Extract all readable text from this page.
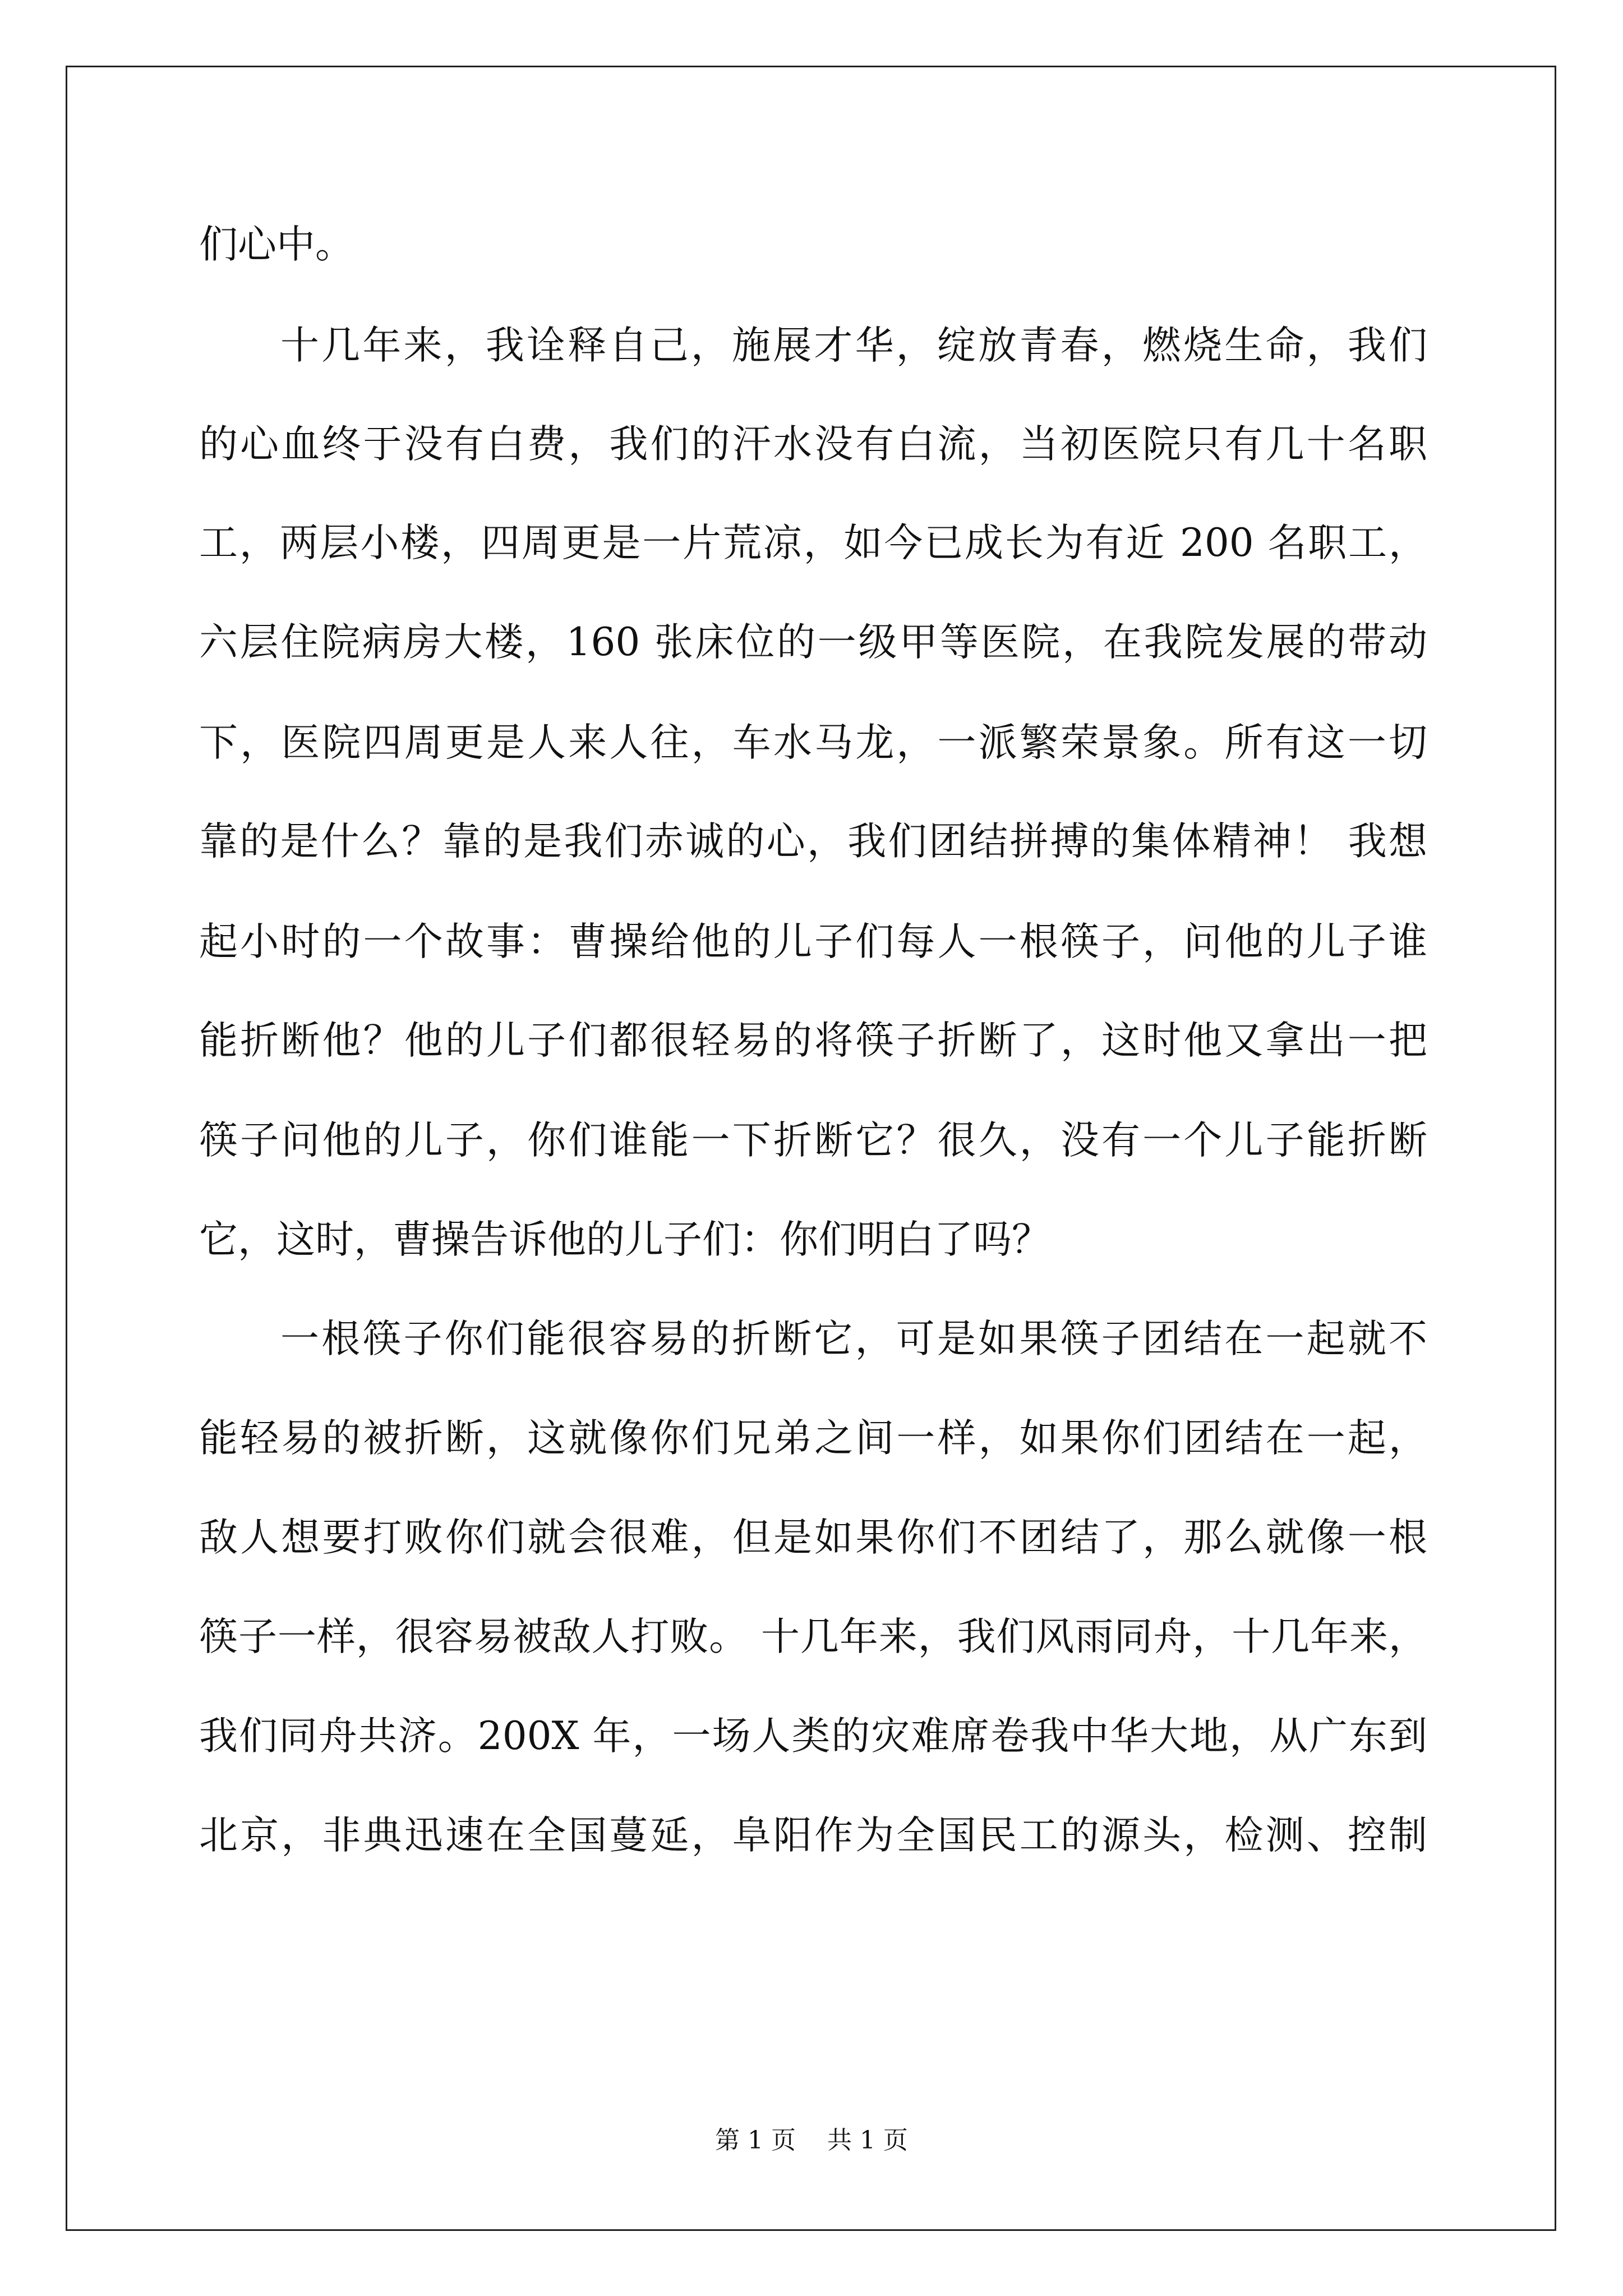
们心中。

十几年来，我诠释自己，施展才华，绽放青春，燃烧生命，我们

的心血终于没有白费，我们的汗水没有白流，当初医院只有几十名职

工，两层小楼，四周更是一片荒凉，如今已成长为有近 200 名职工，

六层住院病房大楼，160 张床位的一级甲等医院，在我院发展的带动

下，医院四周更是人来人往，车水马龙，一派繁荣景象。所有这一切

靠的是什么？靠的是我们赤诚的心，我们团结拼搏的集体精神！ 我想

起小时的一个故事：曹操给他的儿子们每人一根筷子，问他的儿子谁

能折断他？他的儿子们都很轻易的将筷子折断了，这时他又拿出一把

筷子问他的儿子，你们谁能一下折断它？很久，没有一个儿子能折断

它，这时，曹操告诉他的儿子们：你们明白了吗？

一根筷子你们能很容易的折断它，可是如果筷子团结在一起就不

能轻易的被折断，这就像你们兄弟之间一样，如果你们团结在一起，

敌人想要打败你们就会很难，但是如果你们不团结了，那么就像一根

筷子一样，很容易被敌人打败。 十几年来，我们风雨同舟，十几年来，

我们同舟共济。200X 年，一场人类的灾难席卷我中华大地，从广东到

北京，非典迅速在全国蔓延，阜阳作为全国民工的源头，检测、控制

第 1 页 共 1 页
